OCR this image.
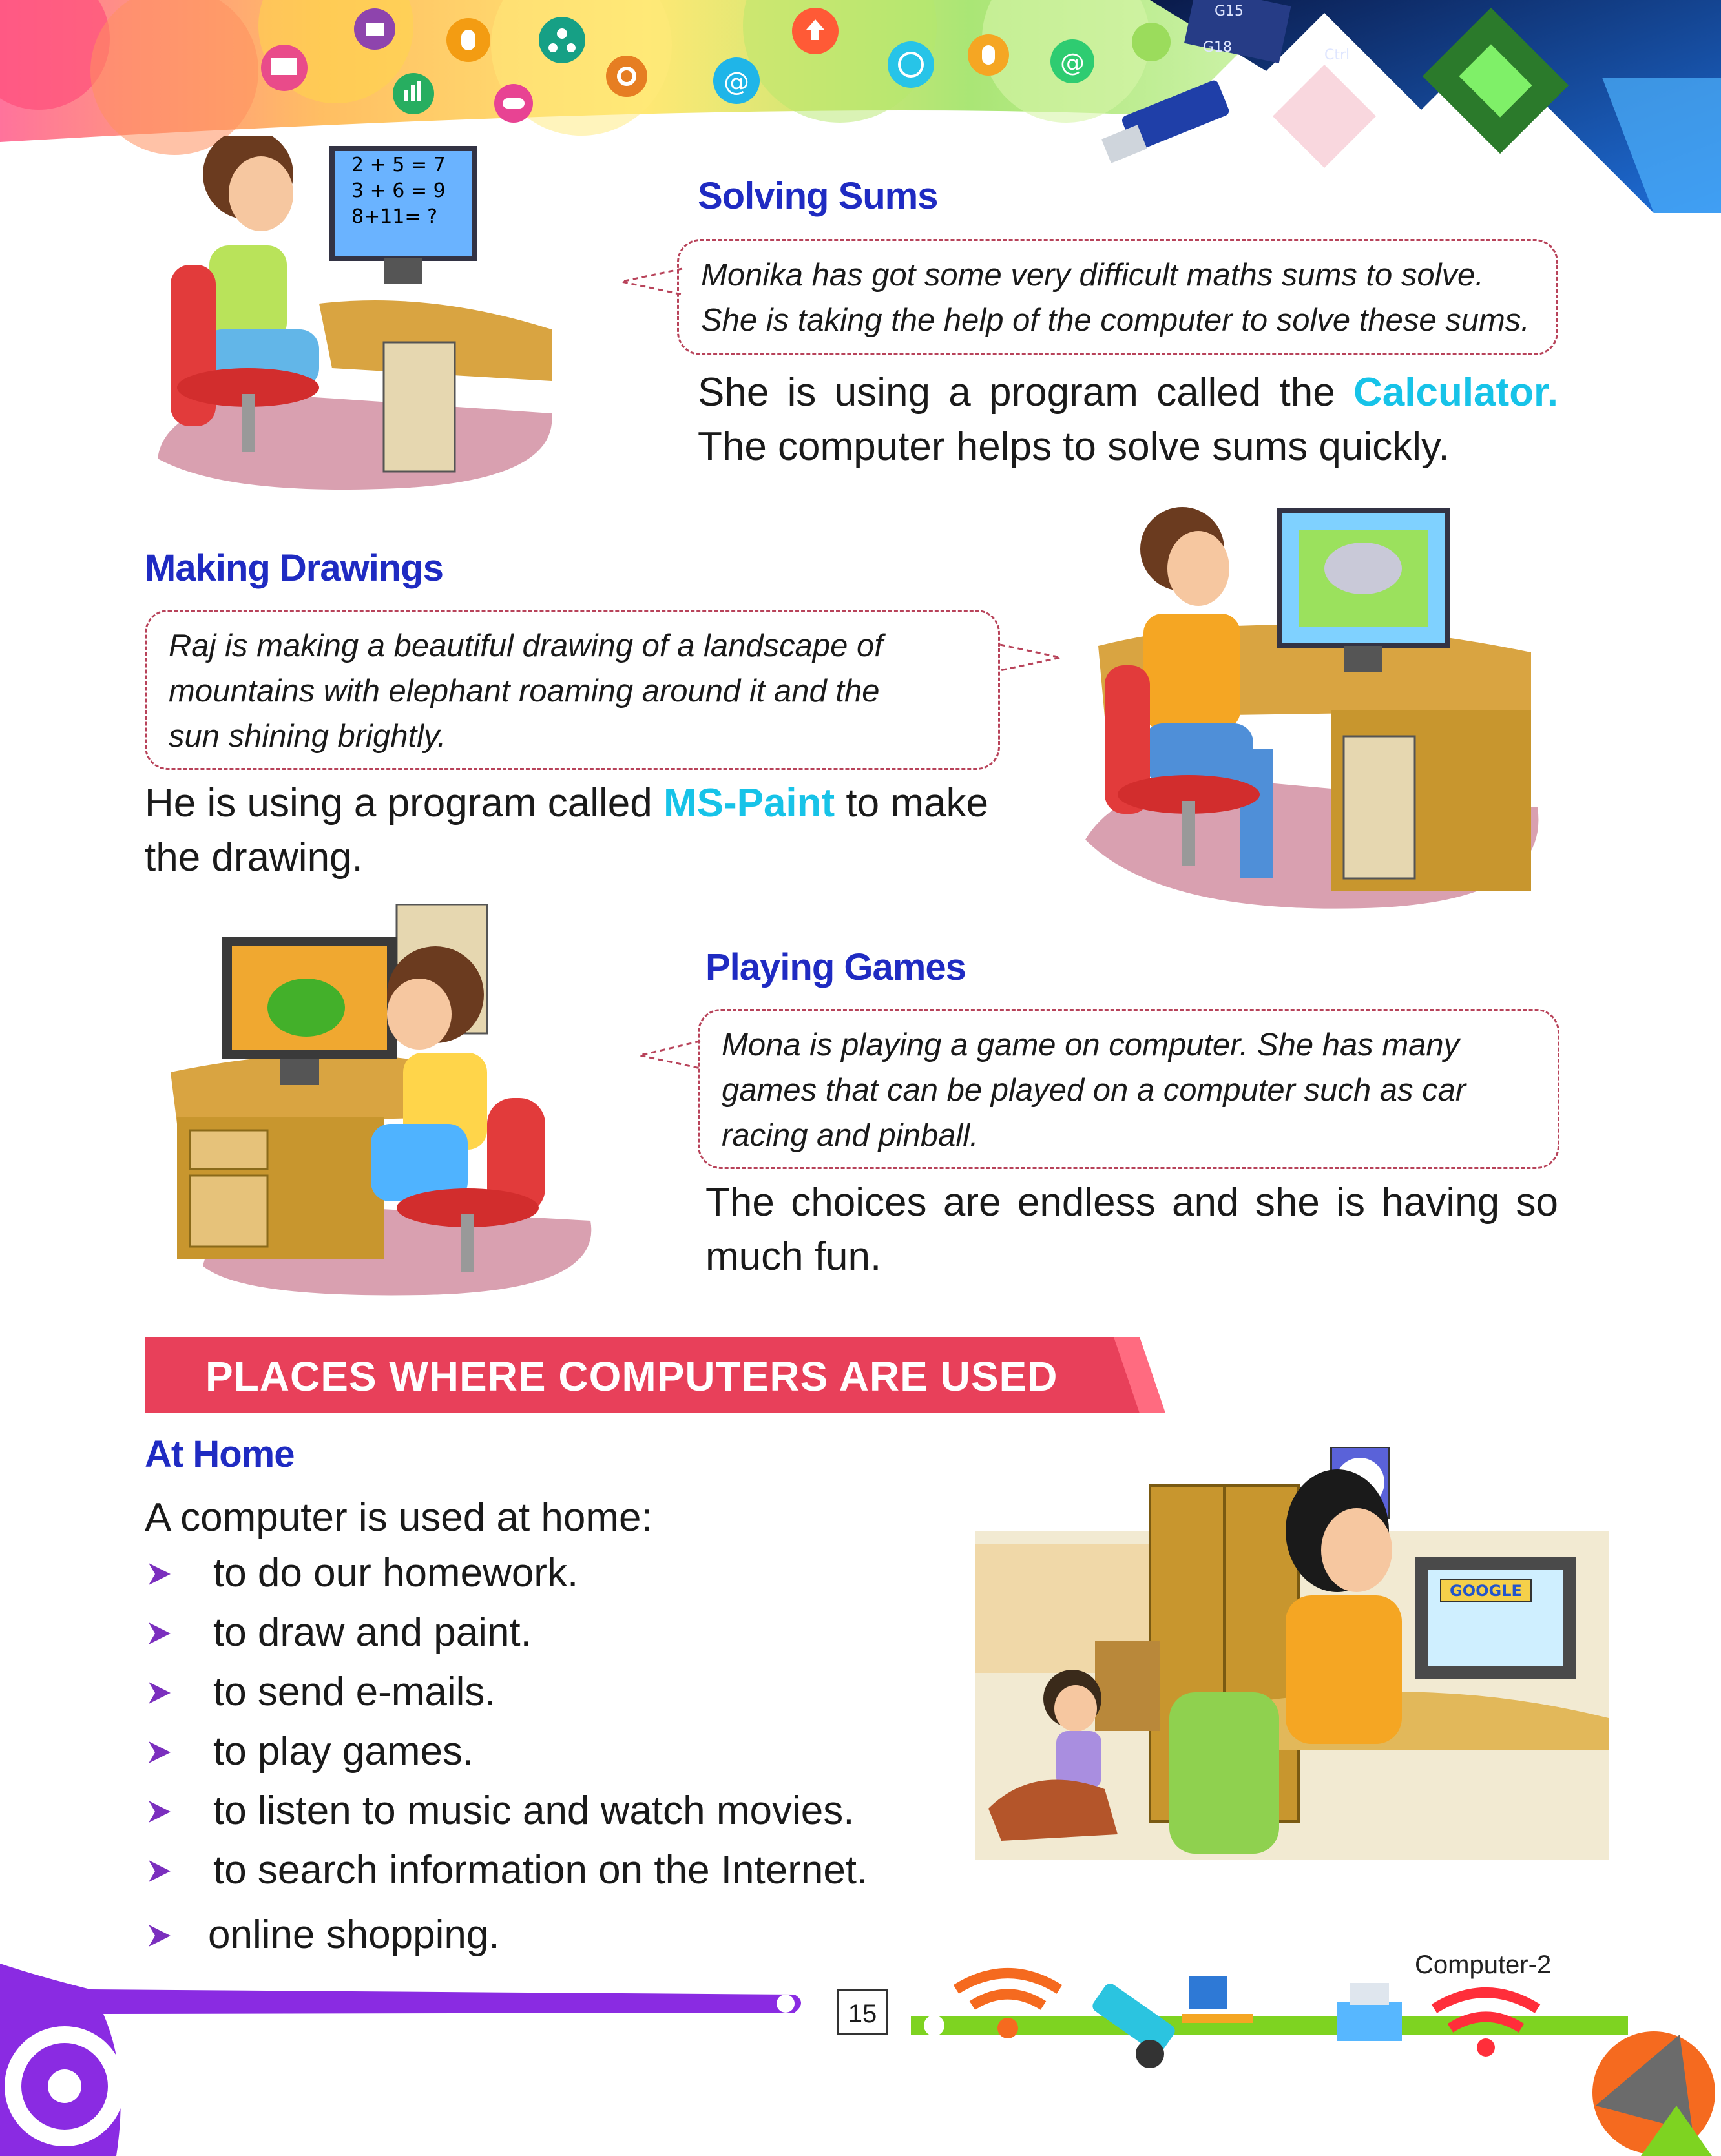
@
@
G15
G18	Ctrl
2 + 5 = 7
3 + 6 = 9
8+11= ?	Solving Sums
Monika has got some very difficult maths sums to solve.
She is taking the help of the computer to solve these sums.
She is using a program called the Calculator. The computer helps to solve sums quickly.
Making Drawings
Raj is making a beautiful drawing of a landscape of
mountains with elephant roaming around it and the
sun shining brightly.
He is using a program called MS-Paint to make the drawing.
Playing Games
Mona is playing a game on computer. She has many
games that can be played on a computer such as car
racing and pinball.
The choices are endless and she is having so much fun.
PLACES WHERE COMPUTERS ARE USED
At Home
A computer is used at home:
to do our homework.
to draw and paint.
to send e-mails.
to play games.
to listen to music and watch movies.
to search information on the Internet.
online shopping.
GOOGLE
15
Computer-2
